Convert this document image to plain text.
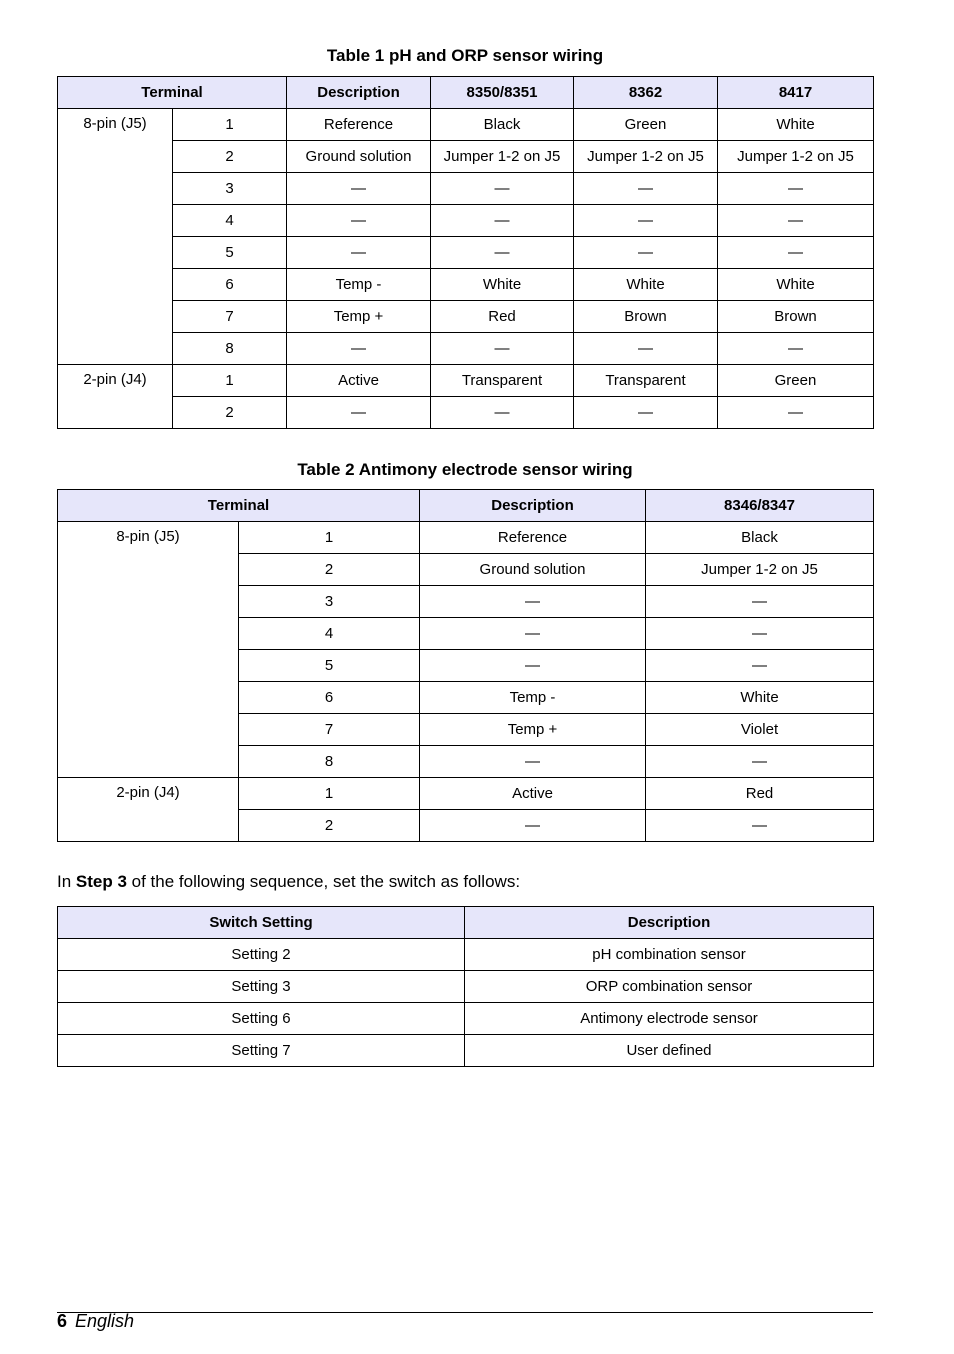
Table 1 pH and ORP sensor wiring
Terminal		Description	8350/8351	8362	8417
8-pin (J5)	1	Reference	Black	Green	White
	2	Ground solution	Jumper 1-2 on J5	Jumper 1-2 on J5	Jumper 1-2 on J5
	3	—	—	—	—
	4	—	—	—	—
	5	—	—	—	—
	6	Temp -	White	White	White
	7	Temp +	Red	Brown	Brown
	8	—	—	—	—
2-pin (J4)	1	Active	Transparent	Transparent	Green
	2	—	—	—	—
Table 2 Antimony electrode sensor wiring
Terminal		Description	8346/8347
8-pin (J5)	1	Reference	Black
	2	Ground solution	Jumper 1-2 on J5
	3	—	—
	4	—	—
	5	—	—
	6	Temp -	White
	7	Temp +	Violet
	8	—	—
2-pin (J4)	1	Active	Red
	2	—	—
In Step 3 of the following sequence, set the switch as follows:
Switch Setting	Description
Setting 2	pH combination sensor
Setting 3	ORP combination sensor
Setting 6	Antimony electrode sensor
Setting 7	User defined
6 English
